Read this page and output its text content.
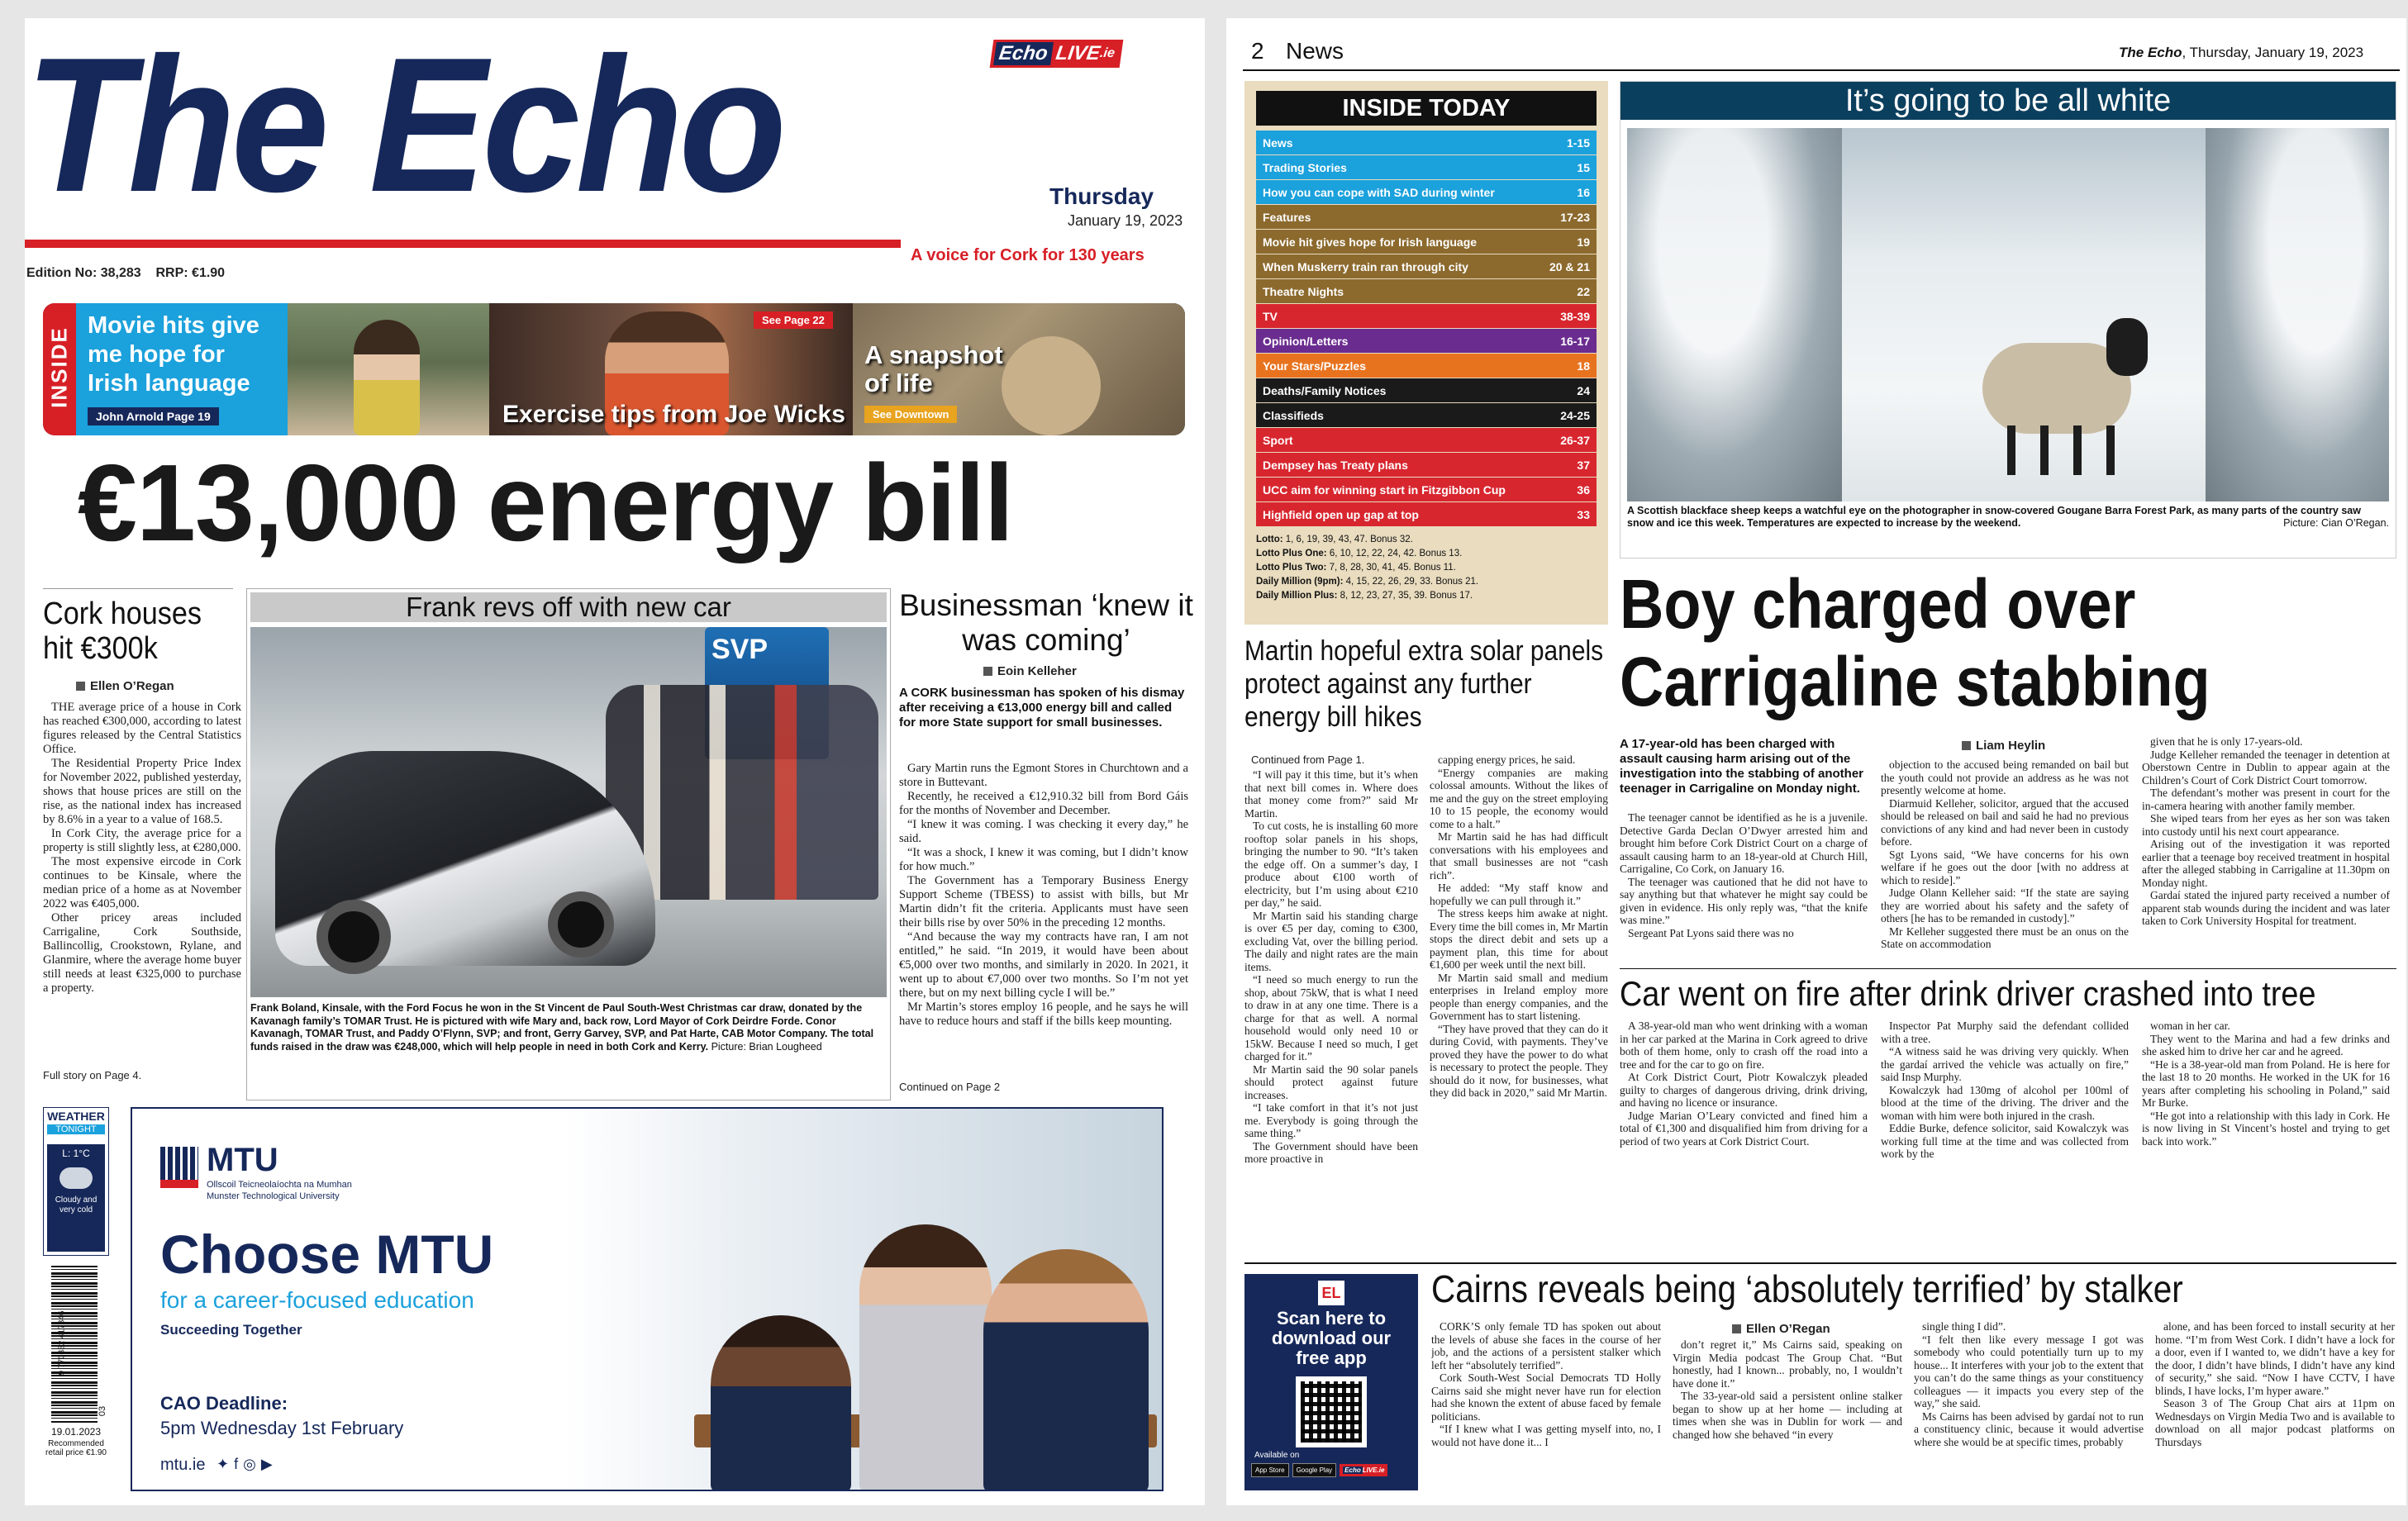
The Echo	Echo LIVE
.ie
Thursday
January 19, 2023
A voice for Cork for 130 years
Edition No: 38,283 RRP: €1.90
INSIDE
Movie hits give me hope for Irish language
John Arnold Page 19	Exercise tips from Joe Wicks
See Page 22
A snapshot of life
See Downtown
€13,000 energy bill
Cork houses hit €300k
Ellen O’Regan

THE average price of a house in Cork has reached €300,000, according to latest figures released by the Central Statistics Office.

The Residential Property Price Index for November 2022, published yesterday, shows that house prices are still on the rise, as the national index has increased by 8.6% in a year to a value of 168.5.

In Cork City, the average price for a property is still slightly less, at €280,000.

The most expensive eircode in Cork continues to be Kinsale, where the median price of a home as at November 2022 was €405,000.

Other pricey areas included Carrigaline, Cork Southside, Ballincollig, Crookstown, Rylane, and Glanmire, where the average home buyer still needs at least €325,000 to purchase a property.

Full story on Page 4.
Frank revs off with new car
SVP
Frank Boland, Kinsale, with the Ford Focus he won in the St Vincent de Paul South-West Christmas car draw, donated by the Kavanagh family’s TOMAR Trust. He is pictured with wife Mary and, back row, Lord Mayor of Cork Deirdre Forde. Conor Kavanagh, TOMAR Trust, and Paddy O’Flynn, SVP; and front, Gerry Garvey, SVP, and Pat Harte, CAB Motor Company. The total funds raised in the draw was €248,000, which will help people in need in both Cork and Kerry. Picture: Brian Lougheed
Businessman ‘knew it was coming’
Eoin Kelleher
A CORK businessman has spoken of his dismay after receiving a €13,000 energy bill and called for more State support for small businesses.

Gary Martin runs the Egmont Stores in Churchtown and a store in Buttevant.

Recently, he received a €12,910.32 bill from Bord Gáis for the months of November and December.

“I knew it was coming. I was checking it every day,” he said.

“It was a shock, I knew it was coming, but I didn’t know for how much.”

The Government has a Temporary Business Energy Support Scheme (TBESS) to assist with bills, but Mr Martin didn’t fit the criteria. Applicants must have seen their bills rise by over 50% in the preceding 12 months.

“And because the way my contracts have ran, I am not entitled,” he said. “In 2019, it would have been about €5,000 over two months, and similarly in 2020. In 2021, it went up to about €7,000 over two months. So I’m not yet there, but on my next billing cycle I will be.”

Mr Martin’s stores employ 16 people, and he says he will have to reduce hours and staff if the bills keep mounting.

Continued on Page 2
WEATHER
TONIGHT
L: 1°C
Cloudy and very cold
9 770332 417846
03
19.01.2023
Recommended retail price €1.90
MTU
Ollscoil Teicneolaíochta na Mumhan
Munster Technological University
Choose MTU
for a career-focused education
Succeeding Together
CAO Deadline:
5pm Wednesday 1st February
mtu.ie ✦f◎▶
2 News	The Echo, Thursday, January 19, 2023
INSIDE TODAY
News	1-15
Trading Stories	15
How you can cope with SAD during winter	16
Features	17-23
Movie hit gives hope for Irish language	19
When Muskerry train ran through city	20 & 21
Theatre Nights	22
TV	38-39
Opinion/Letters	16-17
Your Stars/Puzzles	18
Deaths/Family Notices	24
Classifieds	24-25
Sport	26-37
Dempsey has Treaty plans	37
UCC aim for winning start in Fitzgibbon Cup	36
Highfield open up gap at top	33
Lotto: 1, 6, 19, 39, 43, 47. Bonus 32.
Lotto Plus One: 6, 10, 12, 22, 24, 42. Bonus 13.
Lotto Plus Two: 7, 8, 28, 30, 41, 45. Bonus 11.
Daily Million (9pm): 4, 15, 22, 26, 29, 33. Bonus 21.
Daily Million Plus: 8, 12, 23, 27, 35, 39. Bonus 17.
It’s going to be all white
A Scottish blackface sheep keeps a watchful eye on the photographer in snow-covered Gougane Barra Forest Park, as many parts of the country saw snow and ice this week. Temperatures are expected to increase by the weekend.	Picture: Cian O’Regan.
Martin hopeful extra solar panels protect against any further energy bill hikes
Continued from Page 1.

“I will pay it this time, but it’s when that next bill comes in. Where does that money come from?” said Mr Martin.

To cut costs, he is installing 60 more rooftop solar panels in his shops, bringing the number to 90. “It’s taken the edge off. On a summer’s day, I produce about €100 worth of electricity, but I’m using about €210 per day,” he said.

Mr Martin said his standing charge is over €5 per day, coming to €300, excluding Vat, over the billing period. The daily and night rates are the main items.

“I need so much energy to run the shop, about 75kW, that is what I need to draw in at any one time. There is a charge for that as well. A normal household would only need 10 or 15kW. Because I need so much, I get charged for it.”

Mr Martin said the 90 solar panels should protect against future increases.

“I take comfort in that it’s not just me. Everybody is going through the same thing.”

The Government should have been more proactive in

capping energy prices, he said.

“Energy companies are making colossal amounts. Without the likes of me and the guy on the street employing 10 to 15 people, the economy would come to a halt.”

Mr Martin said he has had difficult conversations with his employees and that small businesses are not “cash rich”.

He added: “My staff know and hopefully we can pull through it.”

The stress keeps him awake at night. Every time the bill comes in, Mr Martin stops the direct debit and sets up a payment plan, this time for about €1,600 per week until the next bill.

Mr Martin said small and medium enterprises in Ireland employ more people than energy companies, and the Government has to start listening.

“They have proved that they can do it during Covid, with payments. They’ve proved they have the power to do what is necessary to protect the people. They should do it now, for businesses, what they did back in 2020,” said Mr Martin.

Boy charged over Carrigaline stabbing
A 17-year-old has been charged with assault causing harm arising out of the investigation into the stabbing of another teenager in Carrigaline on Monday night.
Liam Heylin

The teenager cannot be identified as he is a juvenile. Detective Garda Declan O’Dwyer arrested him and brought him before Cork District Court on a charge of assault causing harm to an 18-year-old at Church Hill, Carrigaline, Co Cork, on January 16.

The teenager was cautioned that he did not have to say anything but that whatever he might say could be given in evidence. His only reply was, “that the knife was mine.”

Sergeant Pat Lyons said there was no

objection to the accused being remanded on bail but the youth could not provide an address as he was not presently welcome at home.

Diarmuid Kelleher, solicitor, argued that the accused should be released on bail and said he had no previous convictions of any kind and had never been in custody before.

Sgt Lyons said, “We have concerns for his own welfare if he goes out the door [with no address at which to reside].”

Judge Olann Kelleher said: “If the state are saying they are worried about his safety and the safety of others [he has to be remanded in custody].”

Mr Kelleher suggested there must be an onus on the State on accommodation

given that he is only 17-years-old.

Judge Kelleher remanded the teenager in detention at Oberstown Centre in Dublin to appear again at the Children’s Court of Cork District Court tomorrow.

The defendant’s mother was present in court for the in-camera hearing with another family member.

She wiped tears from her eyes as her son was taken into custody until his next court appearance.

Arising out of the investigation it was reported earlier that a teenage boy received treatment in hospital after the alleged stabbing in Carrigaline at 11.30pm on Monday night.

Gardaí stated the injured party received a number of apparent stab wounds during the incident and was later taken to Cork University Hospital for treatment.

Car went on fire after drink driver crashed into tree

A 38-year-old man who went drinking with a woman in her car parked at the Marina in Cork agreed to drive both of them home, only to crash off the road into a tree and for the car to go on fire.

At Cork District Court, Piotr Kowalczyk pleaded guilty to charges of dangerous driving, drink driving, and having no licence or insurance.

Judge Marian O’Leary convicted and fined him a total of €1,300 and disqualified him from driving for a period of two years at Cork District Court.

Inspector Pat Murphy said the defendant collided with a tree.

“A witness said he was driving very quickly. When the gardaí arrived the vehicle was actually on fire,” said Insp Murphy.

Kowalczyk had 130mg of alcohol per 100ml of blood at the time of the driving. The driver and the woman with him were both injured in the crash.

Eddie Burke, defence solicitor, said Kowalczyk was working full time at the time and was collected from work by the

woman in her car.

They went to the Marina and had a few drinks and she asked him to drive her car and he agreed.

“He is a 38-year-old man from Poland. He is here for the last 18 to 20 months. He worked in the UK for 16 years after completing his schooling in Poland,” said Mr Burke.

“He got into a relationship with this lady in Cork. He is now living in St Vincent’s hostel and trying to get back into work.”

EL
Scan here to download our free app
Available on
App Store	Google Play	Echo LIVE.ie
Cairns reveals being ‘absolutely terrified’ by stalker
Ellen O’Regan

CORK’S only female TD has spoken out about the levels of abuse she faces in the course of her job, and the actions of a persistent stalker which left her “absolutely terrified”.

Cork South-West Social Democrats TD Holly Cairns said she might never have run for election had she known the extent of abuse faced by female politicians.

“If I knew what I was getting myself into, no, I would not have done it... I

don’t regret it,” Ms Cairns said, speaking on Virgin Media podcast The Group Chat. “But honestly, had I known... probably, no, I wouldn’t have done it.”

The 33-year-old said a persistent online stalker began to show up at her home — including at times when she was in Dublin for work — and changed how she behaved “in every

single thing I did”.

“I felt then like every message I got was somebody who could potentially turn up to my house... It interferes with your job to the extent that you can’t do the same things as your constituency colleagues — it impacts you every step of the way,” she said.

Ms Cairns has been advised by gardaí not to run a constituency clinic, because it would advertise where she would be at specific times, probably

alone, and has been forced to install security at her home. “I’m from West Cork. I didn’t have a lock for a door, even if I wanted to, we didn’t have a key for the door, I didn’t have blinds, I didn’t have any kind of security,” she said. “Now I have CCTV, I have blinds, I have locks, I’m hyper aware.”

Season 3 of The Group Chat airs at 11pm on Wednesdays on Virgin Media Two and is available to download on all major podcast platforms on Thursdays
